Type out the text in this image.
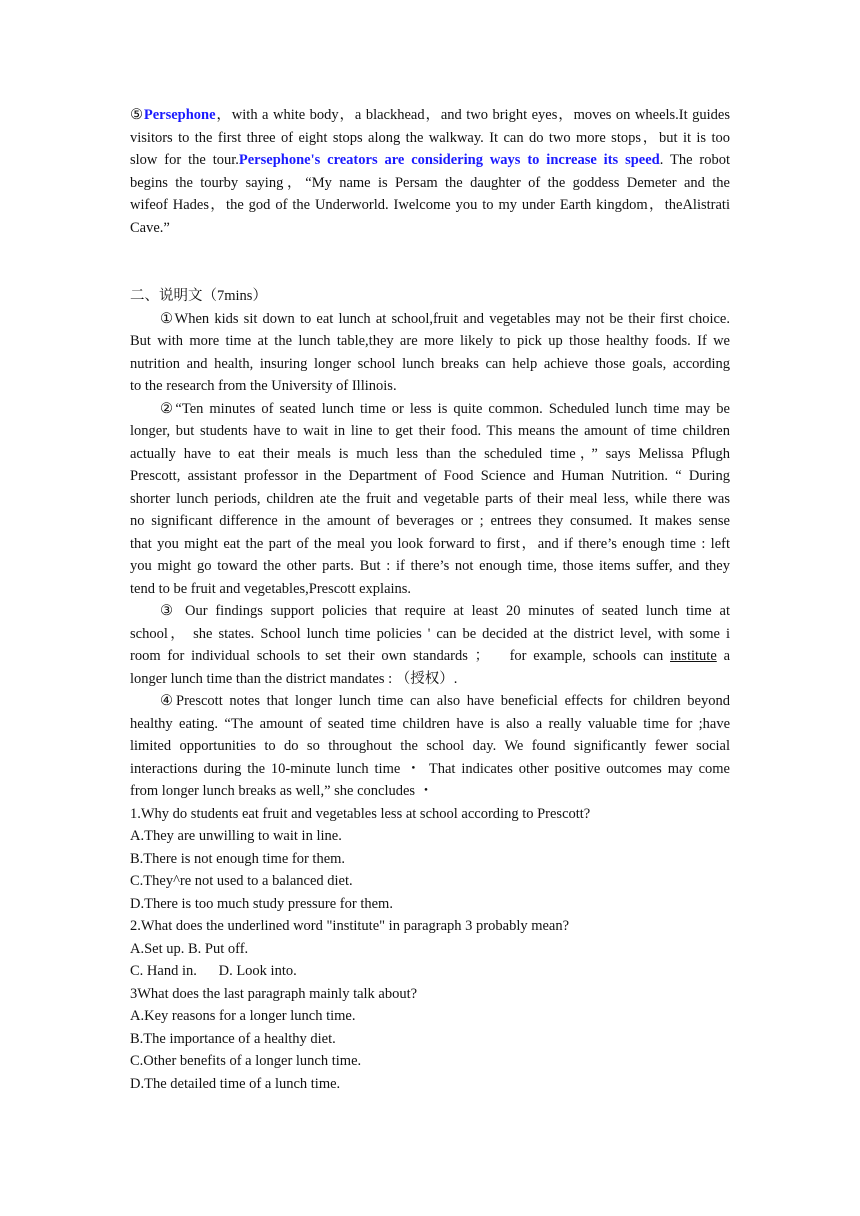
⑤Persephone，with a white body，a blackhead，and two bright eyes，moves on wheels.It guides
visitors to the first three of eight stops along the walkway. It can do two more stops，but it is too
slow for the tour.Persephone's creators are considering ways to increase its speed. The robot
begins the tourby saying，“My name is Persam the daughter of the goddess Demeter and the
wifeof Hades，the god of the Underworld. Iwelcome you to my under Earth kingdom，theAlistrati
Cave.”
二、说明文（7mins）
①When kids sit down to eat lunch at school,fruit and vegetables may not be their first choice.
But with more time at the lunch table,they are more likely to pick up those healthy foods. If we
nutrition and health, insuring longer school lunch breaks can help achieve those goals, according
to the research from the University of Illinois.
②“Ten minutes of seated lunch time or less is quite common. Scheduled lunch time may be
longer, but students have to wait in line to get their food. This means the amount of time children
actually have to eat their meals is much less than the scheduled time，” says Melissa Pflugh
Prescott, assistant professor in the Department of Food Science and Human Nutrition. “ During
shorter lunch periods, children ate the fruit and vegetable parts of their meal less, while there was
no significant difference in the amount of beverages or ; entrees they consumed. It makes sense
that you might eat the part of the meal you look forward to first，and if there’s enough time : left
you might go toward the other parts. But : if there’s not enough time, those items suffer, and they
tend to be fruit and vegetables,Prescott explains.
③ Our findings support policies that require at least 20 minutes of seated lunch time at
school， she states. School lunch time policies ' can be decided at the district level, with some i
room for individual schools to set their own standards ；   for example, schools can institute a
longer lunch time than the district mandates : （授权）.
④Prescott notes that longer lunch time can also have beneficial effects for children beyond
healthy eating. “The amount of seated time children have is also a really valuable time for ;have
limited opportunities to do so throughout the school day. We found significantly fewer social
interactions during the 10-minute lunch time ・ That indicates other positive outcomes may come
from longer lunch breaks as well,” she concludes ・
1.Why do students eat fruit and vegetables less at school according to Prescott?
A.They are unwilling to wait in line.
B.There is not enough time for them.
C.They^re not used to a balanced diet.
D.There is too much study pressure for them.
2.What does the underlined word "institute" in paragraph 3 probably mean?
A.Set up. B. Put off.
C. Hand in.      D. Look into.
3What does the last paragraph mainly talk about?
A.Key reasons for a longer lunch time.
B.The importance of a healthy diet.
C.Other benefits of a longer lunch time.
D.The detailed time of a lunch time.
